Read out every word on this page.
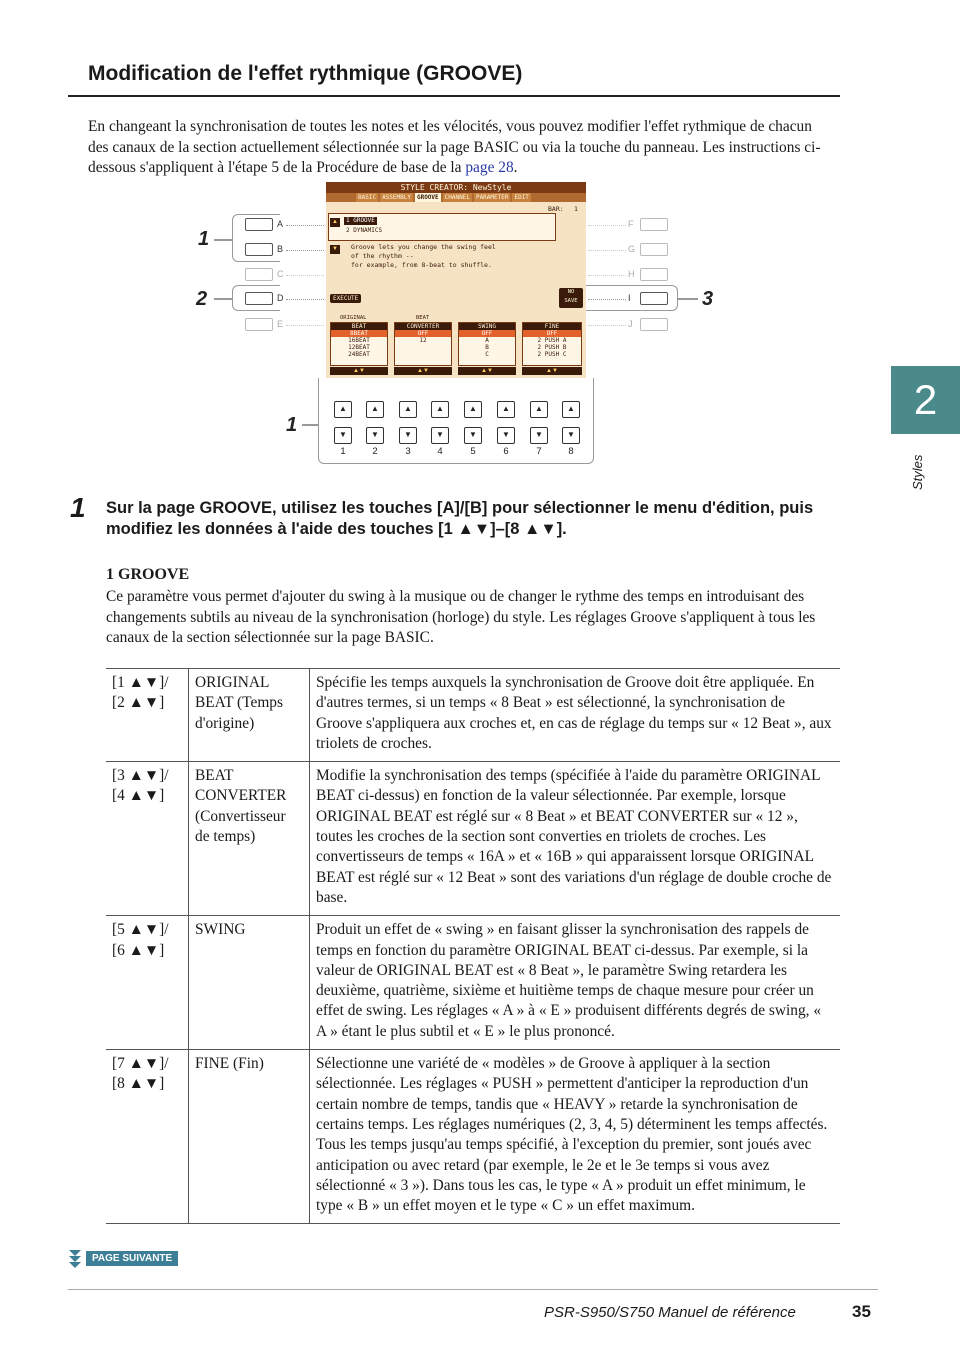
Modification de l'effet rythmique (GROOVE)
En changeant la synchronisation de toutes les notes et les vélocités, vous pouvez modifier l'effet rythmique de chacun des canaux de la section actuellement sélectionnée sur la page BASIC ou via la touche du panneau. Les instructions ci-dessous s'appliquent à l'étape 5 de la Procédure de base de la page 28.
2
Styles
1
2	3
1
A
B
C
D
E
F
G
H
I
J
STYLE CREATOR: NewStyle
BASIC	ASSEMBLY	GROOVE	CHANNEL	PARAMETER	EDIT
BAR: 1
1 GROOVE
2 DYNAMICS
▲
▼	Groove lets you change the swing feel
of the rhythm --
for example, from 8-beat to shuffle.
EXECUTE
NO
SAVE
ORIGINAL	BEAT
BEAT
8BEAT
16BEAT
12BEAT
24BEAT
CONVERTER
OFF
12
SWING
OFF
A
B
C
FINE
OFF
2 PUSH A
2 PUSH B
2 PUSH C
▲▼	▲▼	▲▼	▲▼
▲	▲	▲	▲	▲	▲	▲	▲
▼	▼	▼	▼	▼	▼	▼	▼
1	2	3	4	5	6	7	8
1 Sur la page GROOVE, utilisez les touches [A]/[B] pour sélectionner le menu d'édition, puis modifiez les données à l'aide des touches [1 ▲▼]–[8 ▲▼].
1 GROOVE
Ce paramètre vous permet d'ajouter du swing à la musique ou de changer le rythme des temps en introduisant des changements subtils au niveau de la synchronisation (horloge) du style. Les réglages Groove s'appliquent à tous les canaux de la section sélectionnée sur la page BASIC.
[1 ▲▼]/ [2 ▲▼]	ORIGINAL BEAT (Temps d'origine)	Spécifie les temps auxquels la synchronisation de Groove doit être appliquée. En d'autres termes, si un temps « 8 Beat » est sélectionné, la synchronisation de Groove s'appliquera aux croches et, en cas de réglage du temps sur « 12 Beat », aux triolets de croches.
[3 ▲▼]/ [4 ▲▼]	BEAT CONVERTER (Convertisseur de temps)	Modifie la synchronisation des temps (spécifiée à l'aide du paramètre ORIGINAL BEAT ci-dessus) en fonction de la valeur sélectionnée. Par exemple, lorsque ORIGINAL BEAT est réglé sur « 8 Beat » et BEAT CONVERTER sur « 12 », toutes les croches de la section sont converties en triolets de croches. Les convertisseurs de temps « 16A » et « 16B » qui apparaissent lorsque ORIGINAL BEAT est réglé sur « 12 Beat » sont des variations d'un réglage de double croche de base.
[5 ▲▼]/ [6 ▲▼]	SWING	Produit un effet de « swing » en faisant glisser la synchronisation des rappels de temps en fonction du paramètre ORIGINAL BEAT ci-dessus. Par exemple, si la valeur de ORIGINAL BEAT est « 8 Beat », le paramètre Swing retardera les deuxième, quatrième, sixième et huitième temps de chaque mesure pour créer un effet de swing. Les réglages « A » à « E » produisent différents degrés de swing, « A » étant le plus subtil et « E » le plus prononcé.
[7 ▲▼]/ [8 ▲▼]	FINE (Fin)	Sélectionne une variété de « modèles » de Groove à appliquer à la section sélectionnée. Les réglages « PUSH » permettent d'anticiper la reproduction d'un certain nombre de temps, tandis que « HEAVY » retarde la synchronisation de certains temps. Les réglages numériques (2, 3, 4, 5) déterminent les temps affectés. Tous les temps jusqu'au temps spécifié, à l'exception du premier, sont joués avec anticipation ou avec retard (par exemple, le 2e et le 3e temps si vous avez sélectionné « 3 »). Dans tous les cas, le type « A » produit un effet minimum, le type « B » un effet moyen et le type « C » un effet maximum.
PAGE SUIVANTE
PSR-S950/S750 Manuel de référence	35
